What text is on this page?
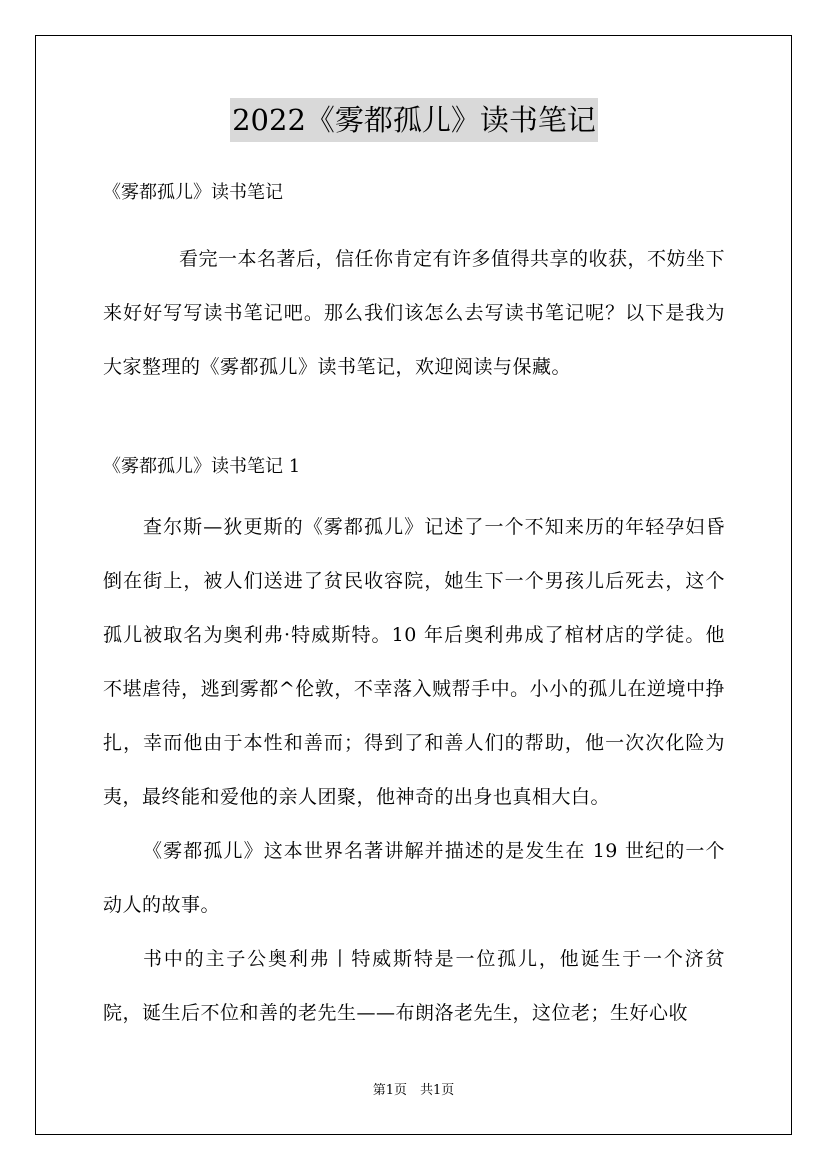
2022《雾都孤儿》读书笔记
《雾都孤儿》读书笔记
看完一本名著后，信任你肯定有许多值得共享的收获，不妨坐下来好好写写读书笔记吧。那么我们该怎么去写读书笔记呢？以下是我为大家整理的《雾都孤儿》读书笔记，欢迎阅读与保藏。
《雾都孤儿》读书笔记 1
查尔斯—狄更斯的《雾都孤儿》记述了一个不知来历的年轻孕妇昏倒在街上，被人们送进了贫民收容院，她生下一个男孩儿后死去，这个孤儿被取名为奥利弗·特威斯特。10 年后奥利弗成了棺材店的学徒。他不堪虐待，逃到雾都^伦敦，不幸落入贼帮手中。小小的孤儿在逆境中挣扎，幸而他由于本性和善而；得到了和善人们的帮助，他一次次化险为夷，最终能和爱他的亲人团聚，他神奇的出身也真相大白。
《雾都孤儿》这本世界名著讲解并描述的是发生在 19 世纪的一个动人的故事。
书中的主子公奥利弗丨特威斯特是一位孤儿，他诞生于一个济贫院，诞生后不位和善的老先生——布朗洛老先生，这位老；生好心收
第1页　共1页
